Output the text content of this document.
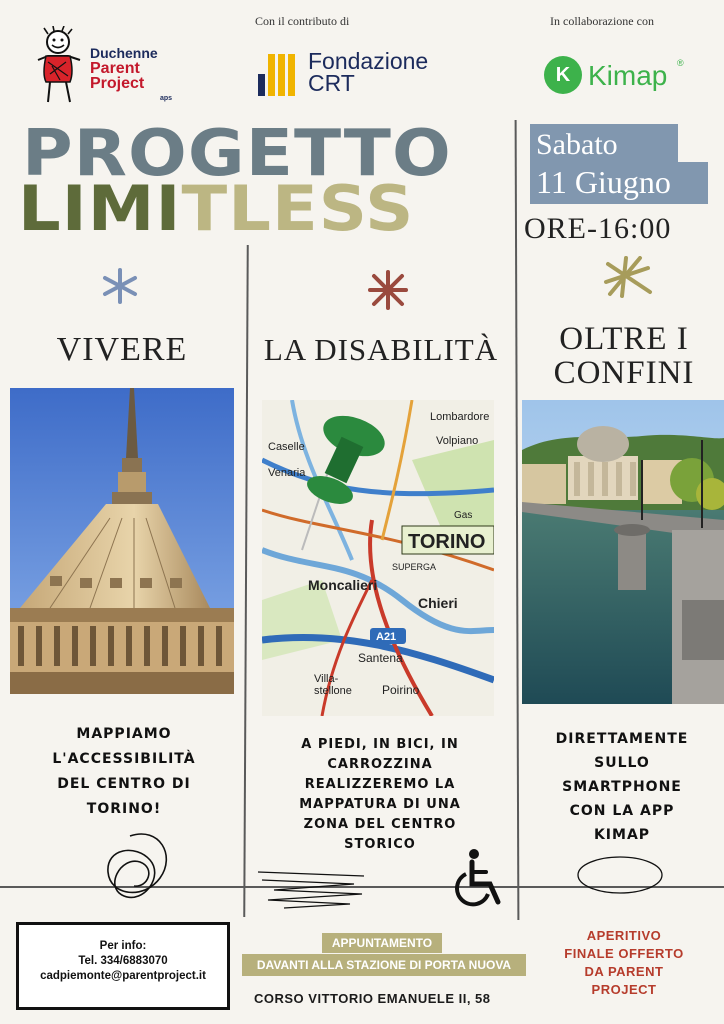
Con il contributo di	In collaborazione con
Duchenne
Parent
Project
aps
Fondazione
CRT	K Kimap ®
PROGETTO
LIMITLESS
Sabato
11 Giugno
ORE-16:00
VIVERE	LA DISABILITÀ	OLTRE I
CONFINI
Lombardore
Volpiano
Caselle
Venaria
TORINO
SUPERGA
Moncalieri
Chieri
A21
Santena
Villa-
stellone	Poirino
Gas
MAPPIAMO
L'ACCESSIBILITÀ
DEL CENTRO DI
TORINO!
A PIEDI, IN BICI, IN
CARROZZINA
REALIZZEREMO LA
MAPPATURA DI UNA
ZONA DEL CENTRO
STORICO
DIRETTAMENTE
SULLO
SMARTPHONE
CON LA APP
KIMAP
Per info:
Tel. 334/6883070
cadpiemonte@parentproject.it
APPUNTAMENTO
DAVANTI ALLA STAZIONE DI PORTA NUOVA
CORSO VITTORIO EMANUELE II, 58
APERITIVO
FINALE OFFERTO
DA PARENT
PROJECT
